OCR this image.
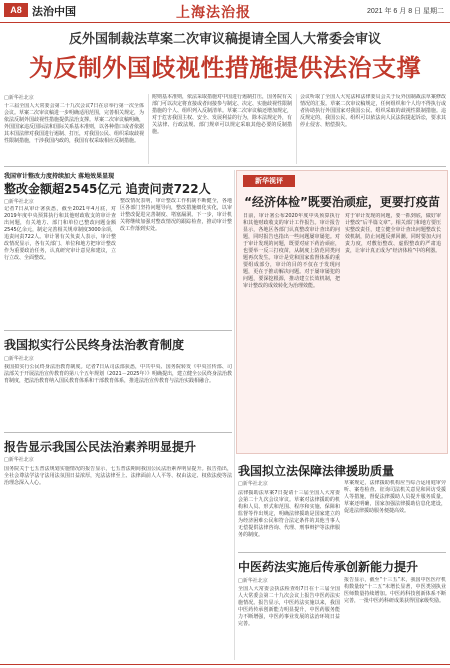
A8 法治中国	上海法治报	2021 年 6 月 8 日 星期二
反外国制裁法草案二次审议稿提请全国人大常委会审议
为反制外国歧视性措施提供法治支撑
□新华社北京
十三届全国人大常委会第二十九次会议7日在京举行第一次全体会议。草案二次审议稿进一步明确适用范围，完善相关规定，为依法反制外国歧视性措施提供法治支撑。草案二次审议稿明确，外国国家违反国际法和国际关系基本准则，以各种借口或者依据其本国法律对我国进行遏制、打压，对我国公民、组织采取歧视性限制措施，干涉我国内政的，我国有权采取相应反制措施。
附则基本准则，依法采取措施对中国进行遏制打压，国务院有关部门可以决定将直接或者间接参与制定、决定、实施歧视性限制措施的个人、组织列入反制清单。草案二次审议稿还增加规定，对于危害我国主权、安全、发展利益的行为，除本法规定外，有关法律、行政法规、部门规章可以规定采取其他必要的反制措施。
会议听取了全国人大宪法和法律委员会关于反外国制裁法草案修改情况的汇报。草案二次审议稿规定，任何组织和个人均不得执行或者协助执行外国国家对我国公民、组织采取的歧视性限制措施。违反规定的，我国公民、组织可以依法向人民法院提起诉讼，要求其停止侵害、赔偿损失。
我国审计整改力度持续加大 落地效果显现
整改金额超2545亿元 追责问责722人
□新华社北京
记者7日从审计署获悉，截至2021年4月底，对2019年度中央预算执行和其他财政收支的审计查出问题，有关地方、部门和单位已整改问题金额2545亿余元，制定完善相关规章制度3000余项，追责问责722人。审计署有关负责人表示，审计整改情况显示，各有关部门、单位和地方把审计整改作为重要政治任务，认真研究审计意见和建议，立行立改、全面整改。
整改情况表明，审计整改工作机制不断健全，各地区各部门坚持问题导向，整改措施细化实化，以审计整改促进完善制度、堵塞漏洞。下一步，审计机关将继续加强对整改情况的跟踪检查，推动审计整改工作落到实处。
我国拟实行公民终身法治教育制度
□新华社北京
我国拟实行公民终身法治教育制度。记者7日从司法部获悉，中共中央、国务院转发《中央宣传部、司法部关于开展法治宣传教育的第八个五年规划（2021－2025年）》明确提出，建立健全公民终身法治教育制度，把法治教育纳入国民教育体系和干部教育体系，推进法治宣传教育与法治实践相融合。
报告显示我国公民法治素养明显提升
□新华社北京
国务院关于七五普法规划实施情况的报告显示，七五普法期间我国公民法治素养明显提升。报告指出，全社会尊法学法守法用法氛围日益浓厚，宪法法律至上、法律面前人人平等、权由法定、权依法使等法治理念深入人心。
新华视评
“经济体检”既要治顽症，更要打疫苗
日前，审计署公布2020年度中央预算执行和其他财政收支的审计工作报告。审计报告显示，各地区各部门认真整改审计查出的问题，同时报告也指出一些问题屡审屡犯。对于审计发现的问题，既要对症下药治顽症，也要举一反三打疫苗，从制度上防范同类问题再次发生。审计是党和国家监督体系的重要组成部分，审计的目的不仅在于发现问题，更在于推动解决问题。对于屡审屡犯的问题，要深挖根源，推动建立长效机制，把审计整改的成效转化为治理效能。
对于审计发现的问题，要一抓到底，做好审计整改“后半篇文章”。相关部门和地方要压实整改责任，建立健全审计查出问题整改长效机制，防止问题反弹回潮。同时要加大问责力度，对敷衍整改、虚假整改的严肃追责，让审计真正成为“经济体检”中的利器。
我国拟立法保障法律援助质量
□新华社北京
法律援助法草案7日提请十三届全国人大常委会第二十九次会议审议。草案对法律援助的机构和人员、形式和范围、程序和实施、保障和监督等作出规定，明确法律援助是国家建立的为经济困难公民和符合法定条件的其他当事人无偿提供法律咨询、代理、刑事辩护等法律服务的制度。
草案规定，法律援助机构应当综合运用庭审旁听、案卷检查、征询司法机关意见和回访受援人等措施，督促法律援助人员提升服务质量。草案还明确，国家加强法律援助信息化建设，促进法律援助服务便捷高效。
中医药法实施后传承创新能力提升
□新华社北京
全国人大常委会执法检查组7日在十三届全国人大常委会第二十九次会议上报告中医药法实施情况。报告显示，中医药法实施以来，我国中医药传承创新能力明显提升，中医药服务能力不断增强，中医药事业发展的法治环境日益完善。
报告显示，截至“十三五”末，我国中医医疗机构数量较“十二五”末增长显著，中医类别执业医师数量持续增加。中医药科技创新体系不断完善，一批中医药科研成果获得国家级奖励。
